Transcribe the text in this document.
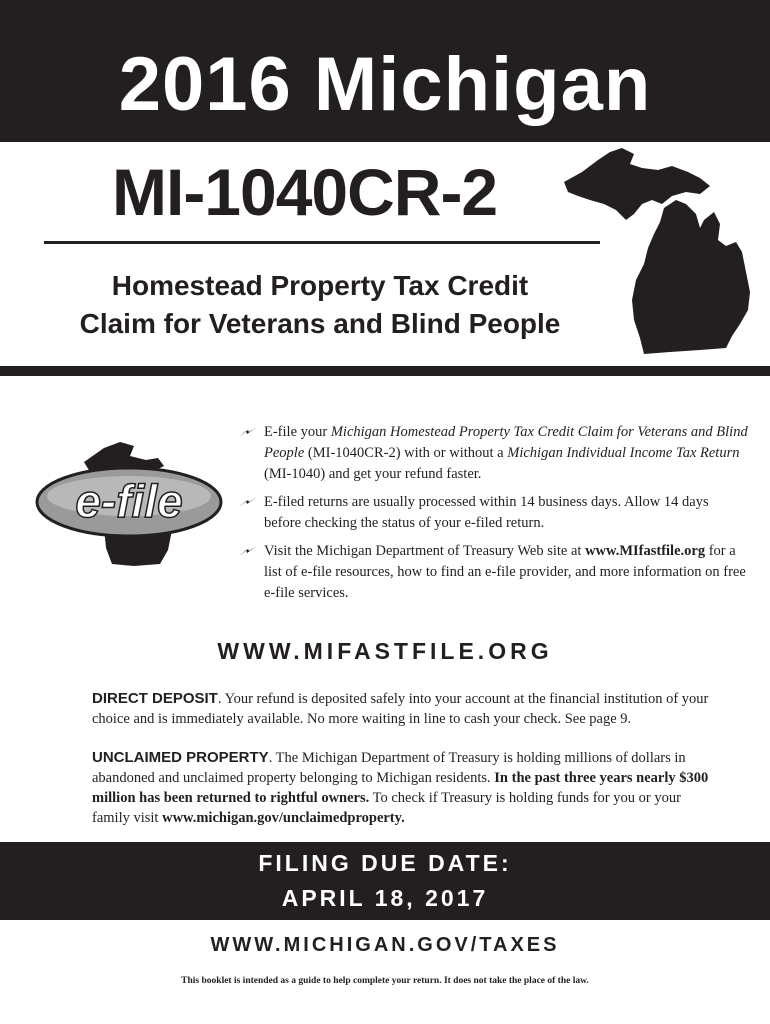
2016 Michigan
MI-1040CR-2
Homestead Property Tax Credit
Claim for Veterans and Blind People
e-file
E-file your Michigan Homestead Property Tax Credit Claim for Veterans and Blind People (MI-1040CR-2) with or without a Michigan Individual Income Tax Return (MI-1040) and get your refund faster.
E-filed returns are usually processed within 14 business days. Allow 14 days before checking the status of your e-filed return.
Visit the Michigan Department of Treasury Web site at www.MIfastfile.org for a list of e-file resources, how to find an e-file provider, and more information on free e-file services.
WWW.MIFASTFILE.ORG
DIRECT DEPOSIT. Your refund is deposited safely into your account at the financial institution of your choice and is immediately available. No more waiting in line to cash your check. See page 9.
UNCLAIMED PROPERTY. The Michigan Department of Treasury is holding millions of dollars in abandoned and unclaimed property belonging to Michigan residents. In the past three years nearly $300 million has been returned to rightful owners. To check if Treasury is holding funds for you or your family visit www.michigan.gov/unclaimedproperty.
FILING DUE DATE:
APRIL 18, 2017
WWW.MICHIGAN.GOV/TAXES
This booklet is intended as a guide to help complete your return. It does not take the place of the law.
